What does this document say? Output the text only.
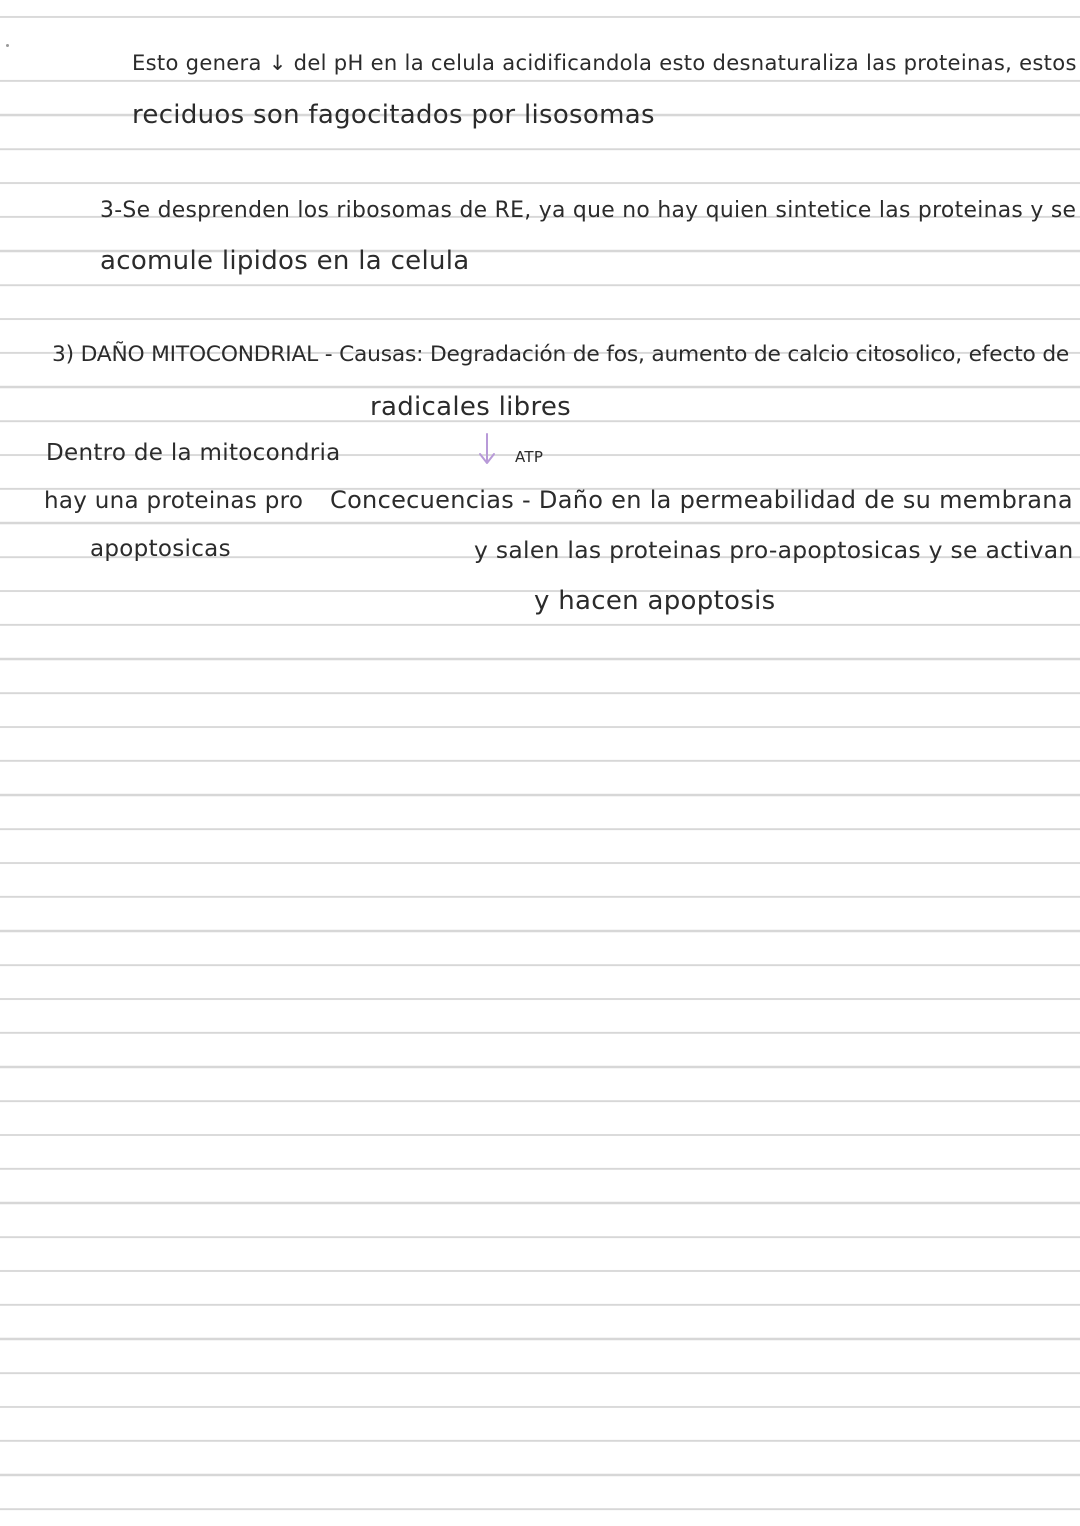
Esto genera ↓ del pH en la celula acidificandola esto desnaturaliza las proteinas, estos
reciduos son fagocitados por lisosomas
3-Se desprenden los ribosomas de RE, ya que no hay quien sintetice las proteinas y se
acomule lipidos en la celula
3) DAÑO MITOCONDRIAL - Causas: Degradación de fos, aumento de calcio citosolico, efecto de
radicales libres
ATP
Dentro de la mitocondria
hay una proteinas pro
apoptosicas
Concecuencias - Daño en la permeabilidad de su membrana
y salen las proteinas pro-apoptosicas y se activan
y hacen apoptosis
